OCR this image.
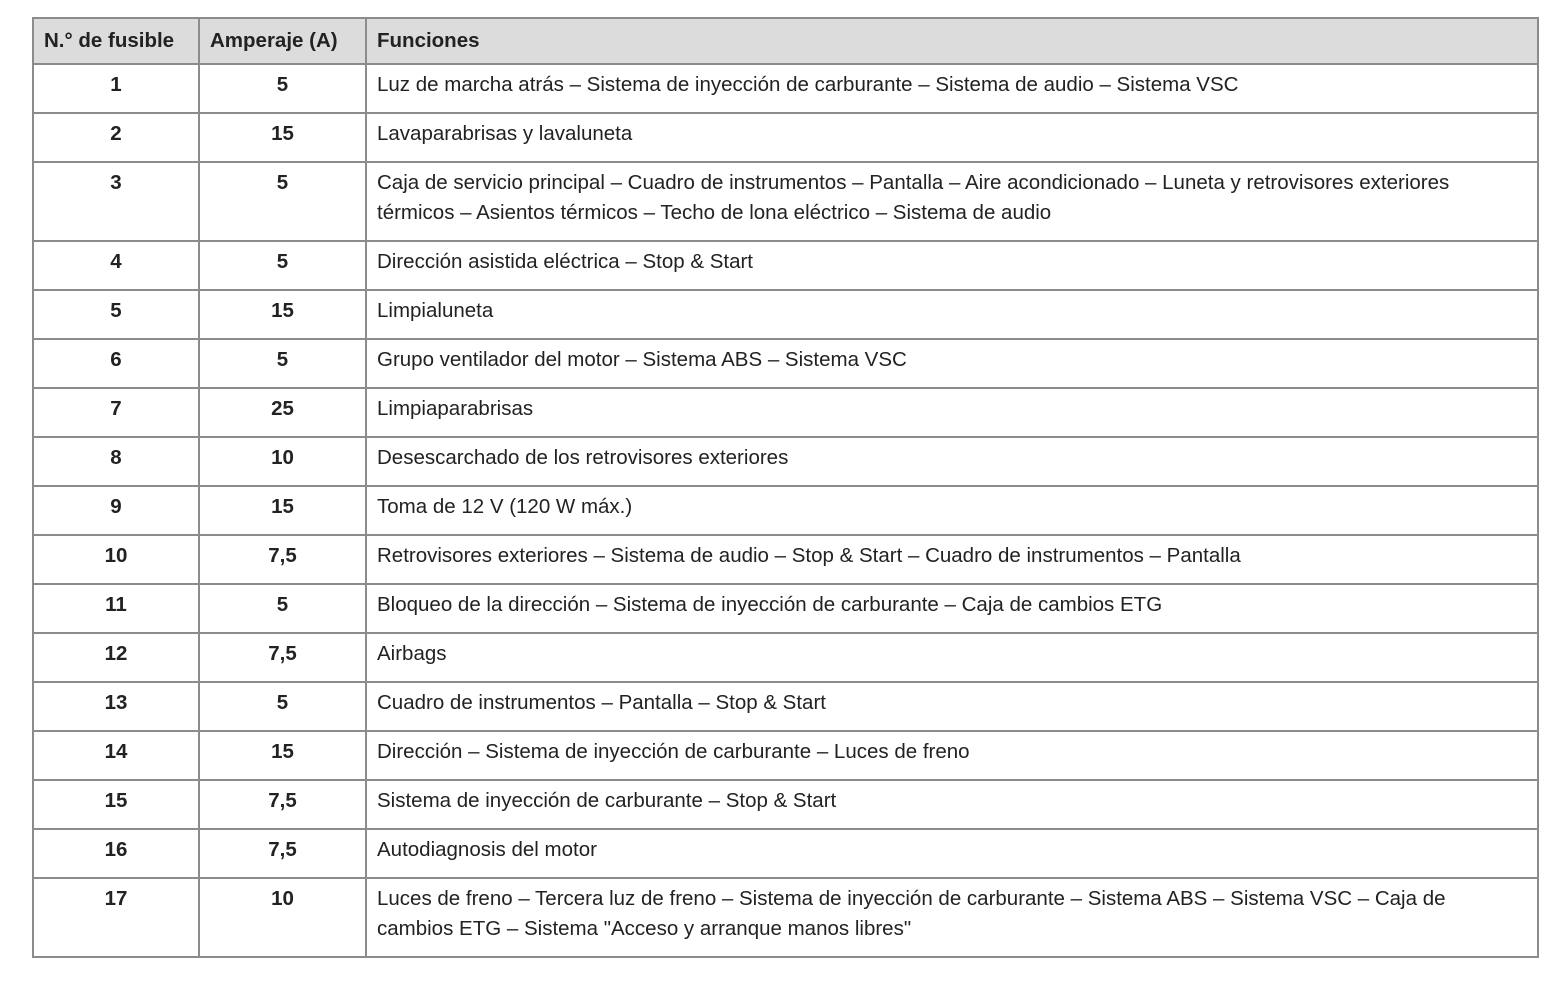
N.° de fusible	Amperaje (A)	Funciones
1	5	Luz de marcha atrás – Sistema de inyección de carburante – Sistema de audio – Sistema VSC
2	15	Lavaparabrisas y lavaluneta
3	5	Caja de servicio principal – Cuadro de instrumentos – Pantalla – Aire acondicionado – Luneta y retrovisores exteriores térmicos – Asientos térmicos – Techo de lona eléctrico – Sistema de audio
4	5	Dirección asistida eléctrica – Stop & Start
5	15	Limpialuneta
6	5	Grupo ventilador del motor – Sistema ABS – Sistema VSC
7	25	Limpiaparabrisas
8	10	Desescarchado de los retrovisores exteriores
9	15	Toma de 12 V (120 W máx.)
10	7,5	Retrovisores exteriores – Sistema de audio – Stop & Start – Cuadro de instrumentos – Pantalla
11	5	Bloqueo de la dirección – Sistema de inyección de carburante – Caja de cambios ETG
12	7,5	Airbags
13	5	Cuadro de instrumentos – Pantalla – Stop & Start
14	15	Dirección – Sistema de inyección de carburante – Luces de freno
15	7,5	Sistema de inyección de carburante – Stop & Start
16	7,5	Autodiagnosis del motor
17	10	Luces de freno – Tercera luz de freno – Sistema de inyección de carburante – Sistema ABS – Sistema VSC – Caja de cambios ETG – Sistema "Acceso y arranque manos libres"
